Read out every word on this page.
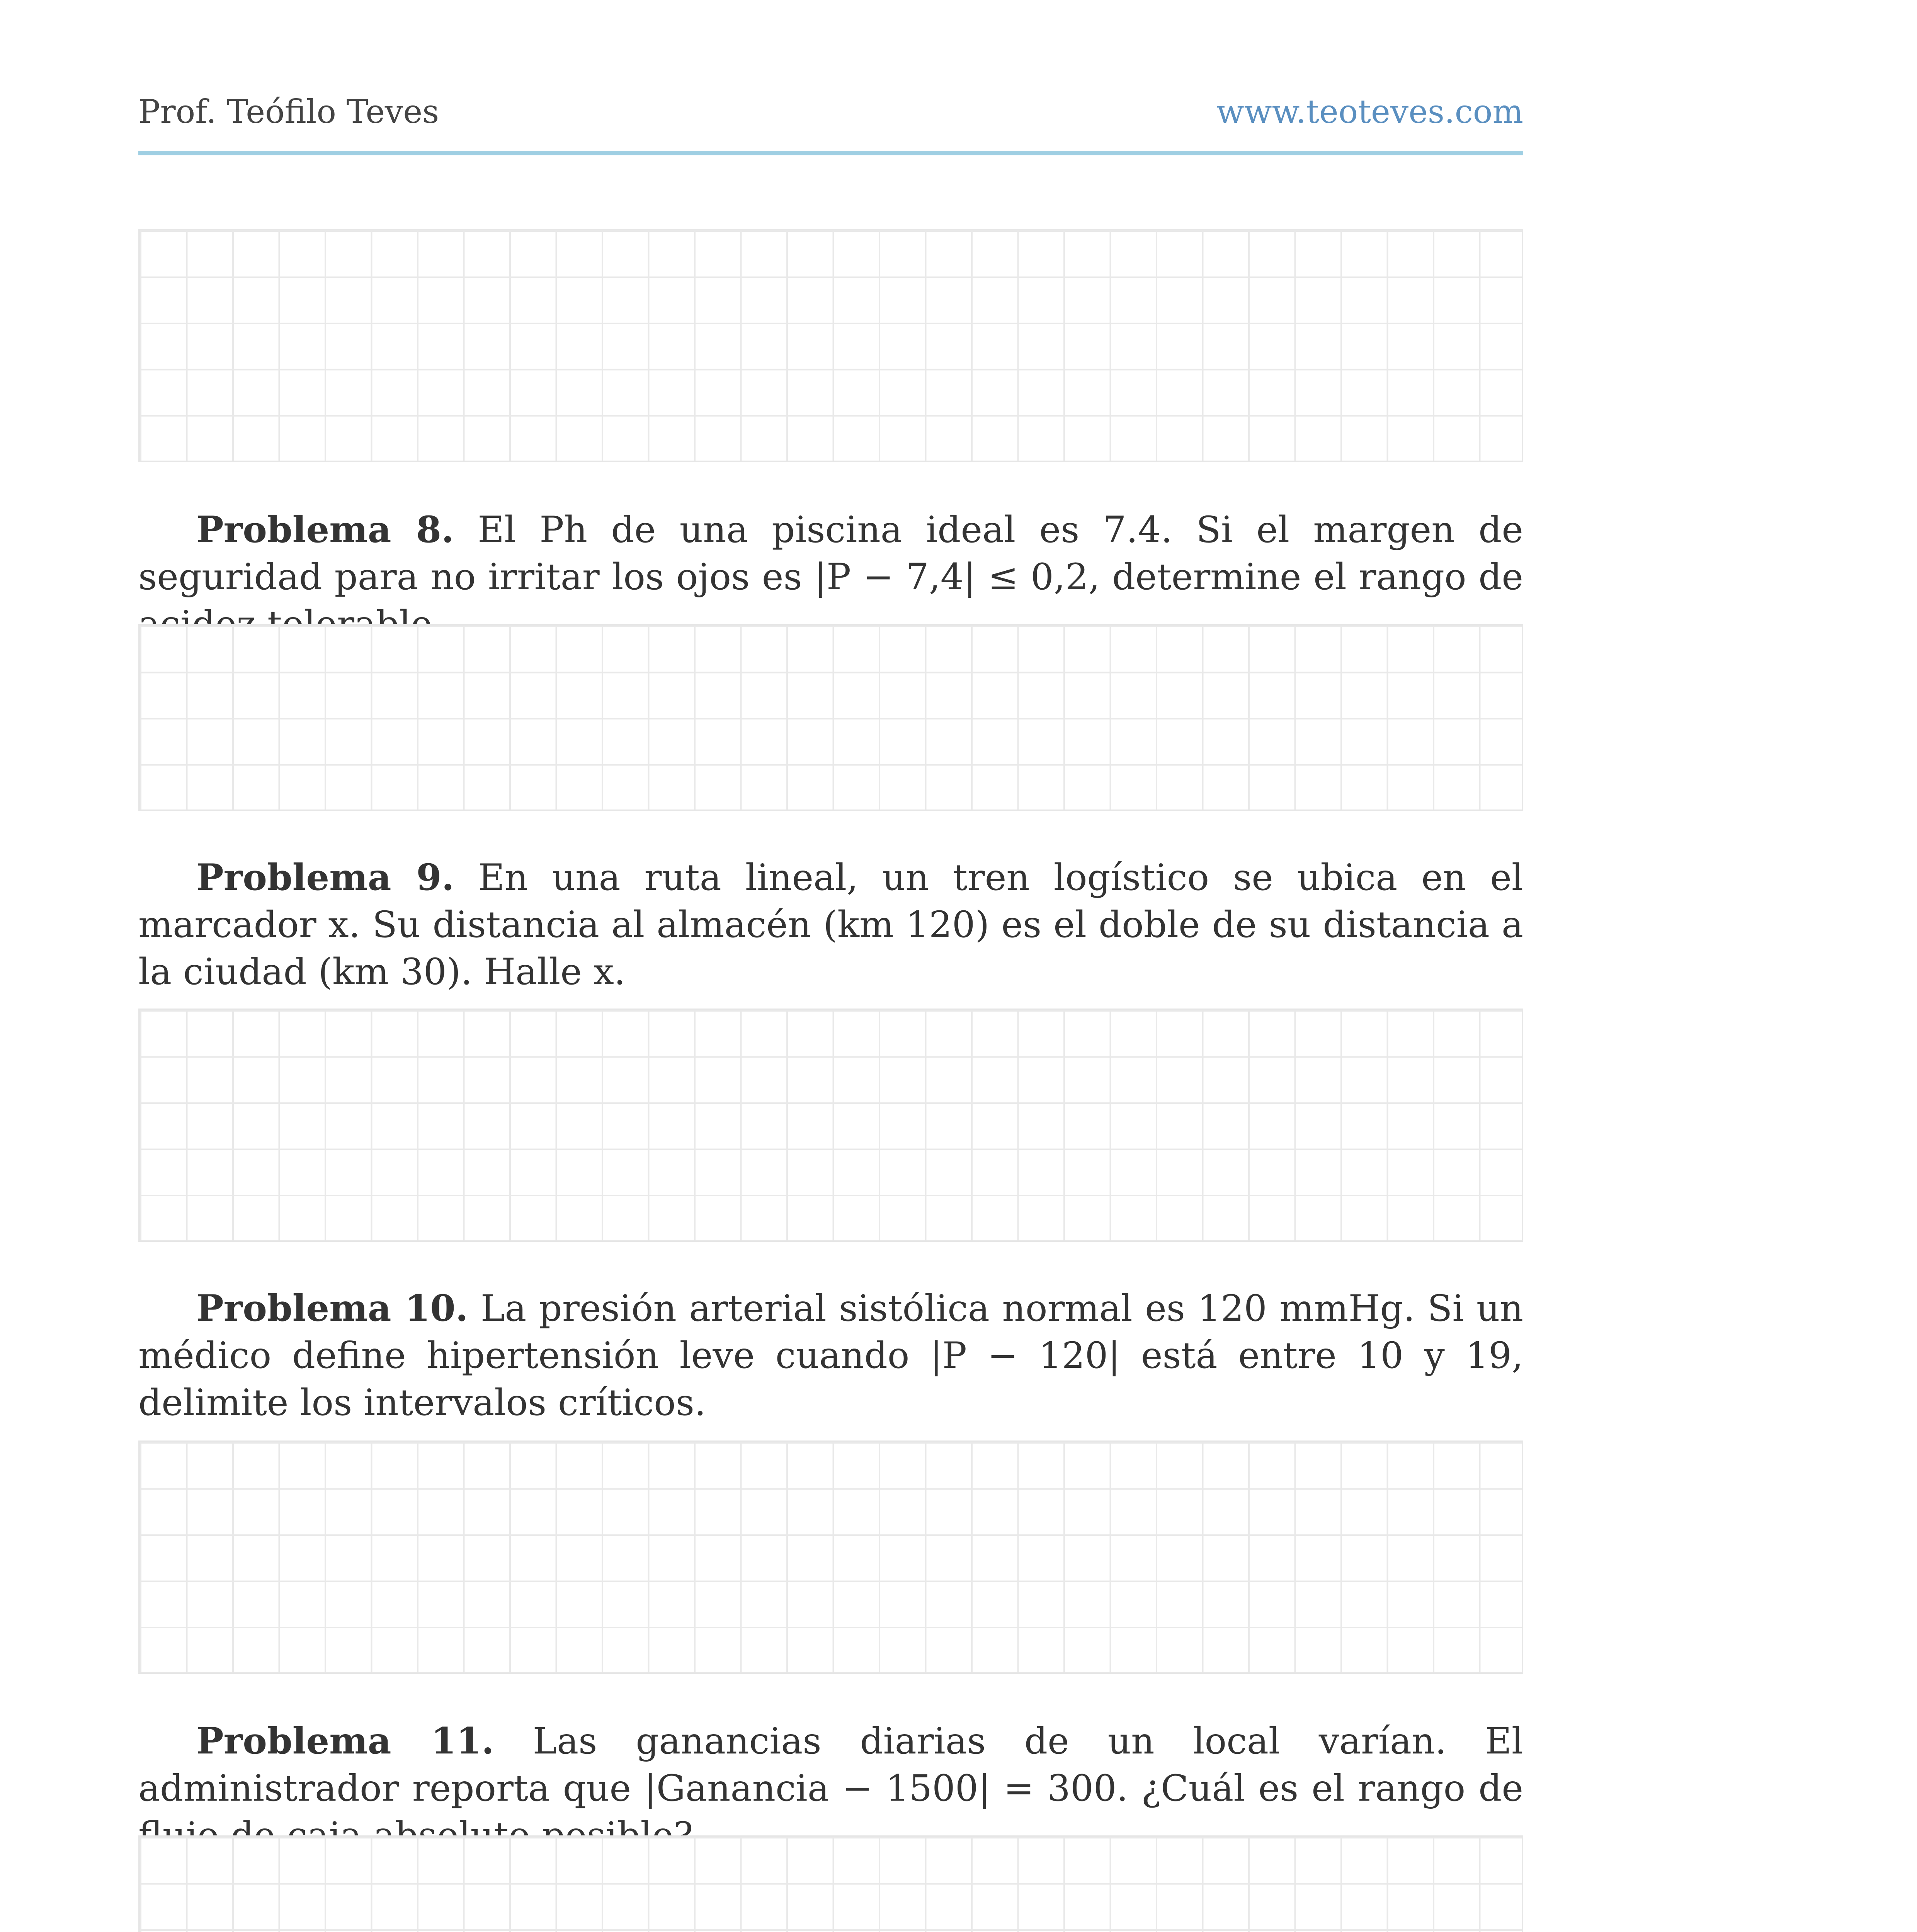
Prof. Teófilo Teves	www.teoteves.com
Problema 8. El Ph de una piscina ideal es 7.4. Si el margen de seguridad para no irritar los ojos es |P − 7,4| ≤ 0,2, determine el rango de
Problema 9. En una ruta lineal, un tren logístico se ubica en el marcador x. Su distancia al almacén (km 120) es el doble de su distancia a la ciudad (km 30). Halle x.
Problema 10. La presión arterial sistólica normal es 120 mmHg. Si un médico define hipertensión leve cuando |P − 120| está entre 10 y 19, delimite los intervalos críticos.
Problema 11. Las ganancias diarias de un local varían. El administrador reporta que |Ganancia − 1500| = 300. ¿Cuál es el rango de
